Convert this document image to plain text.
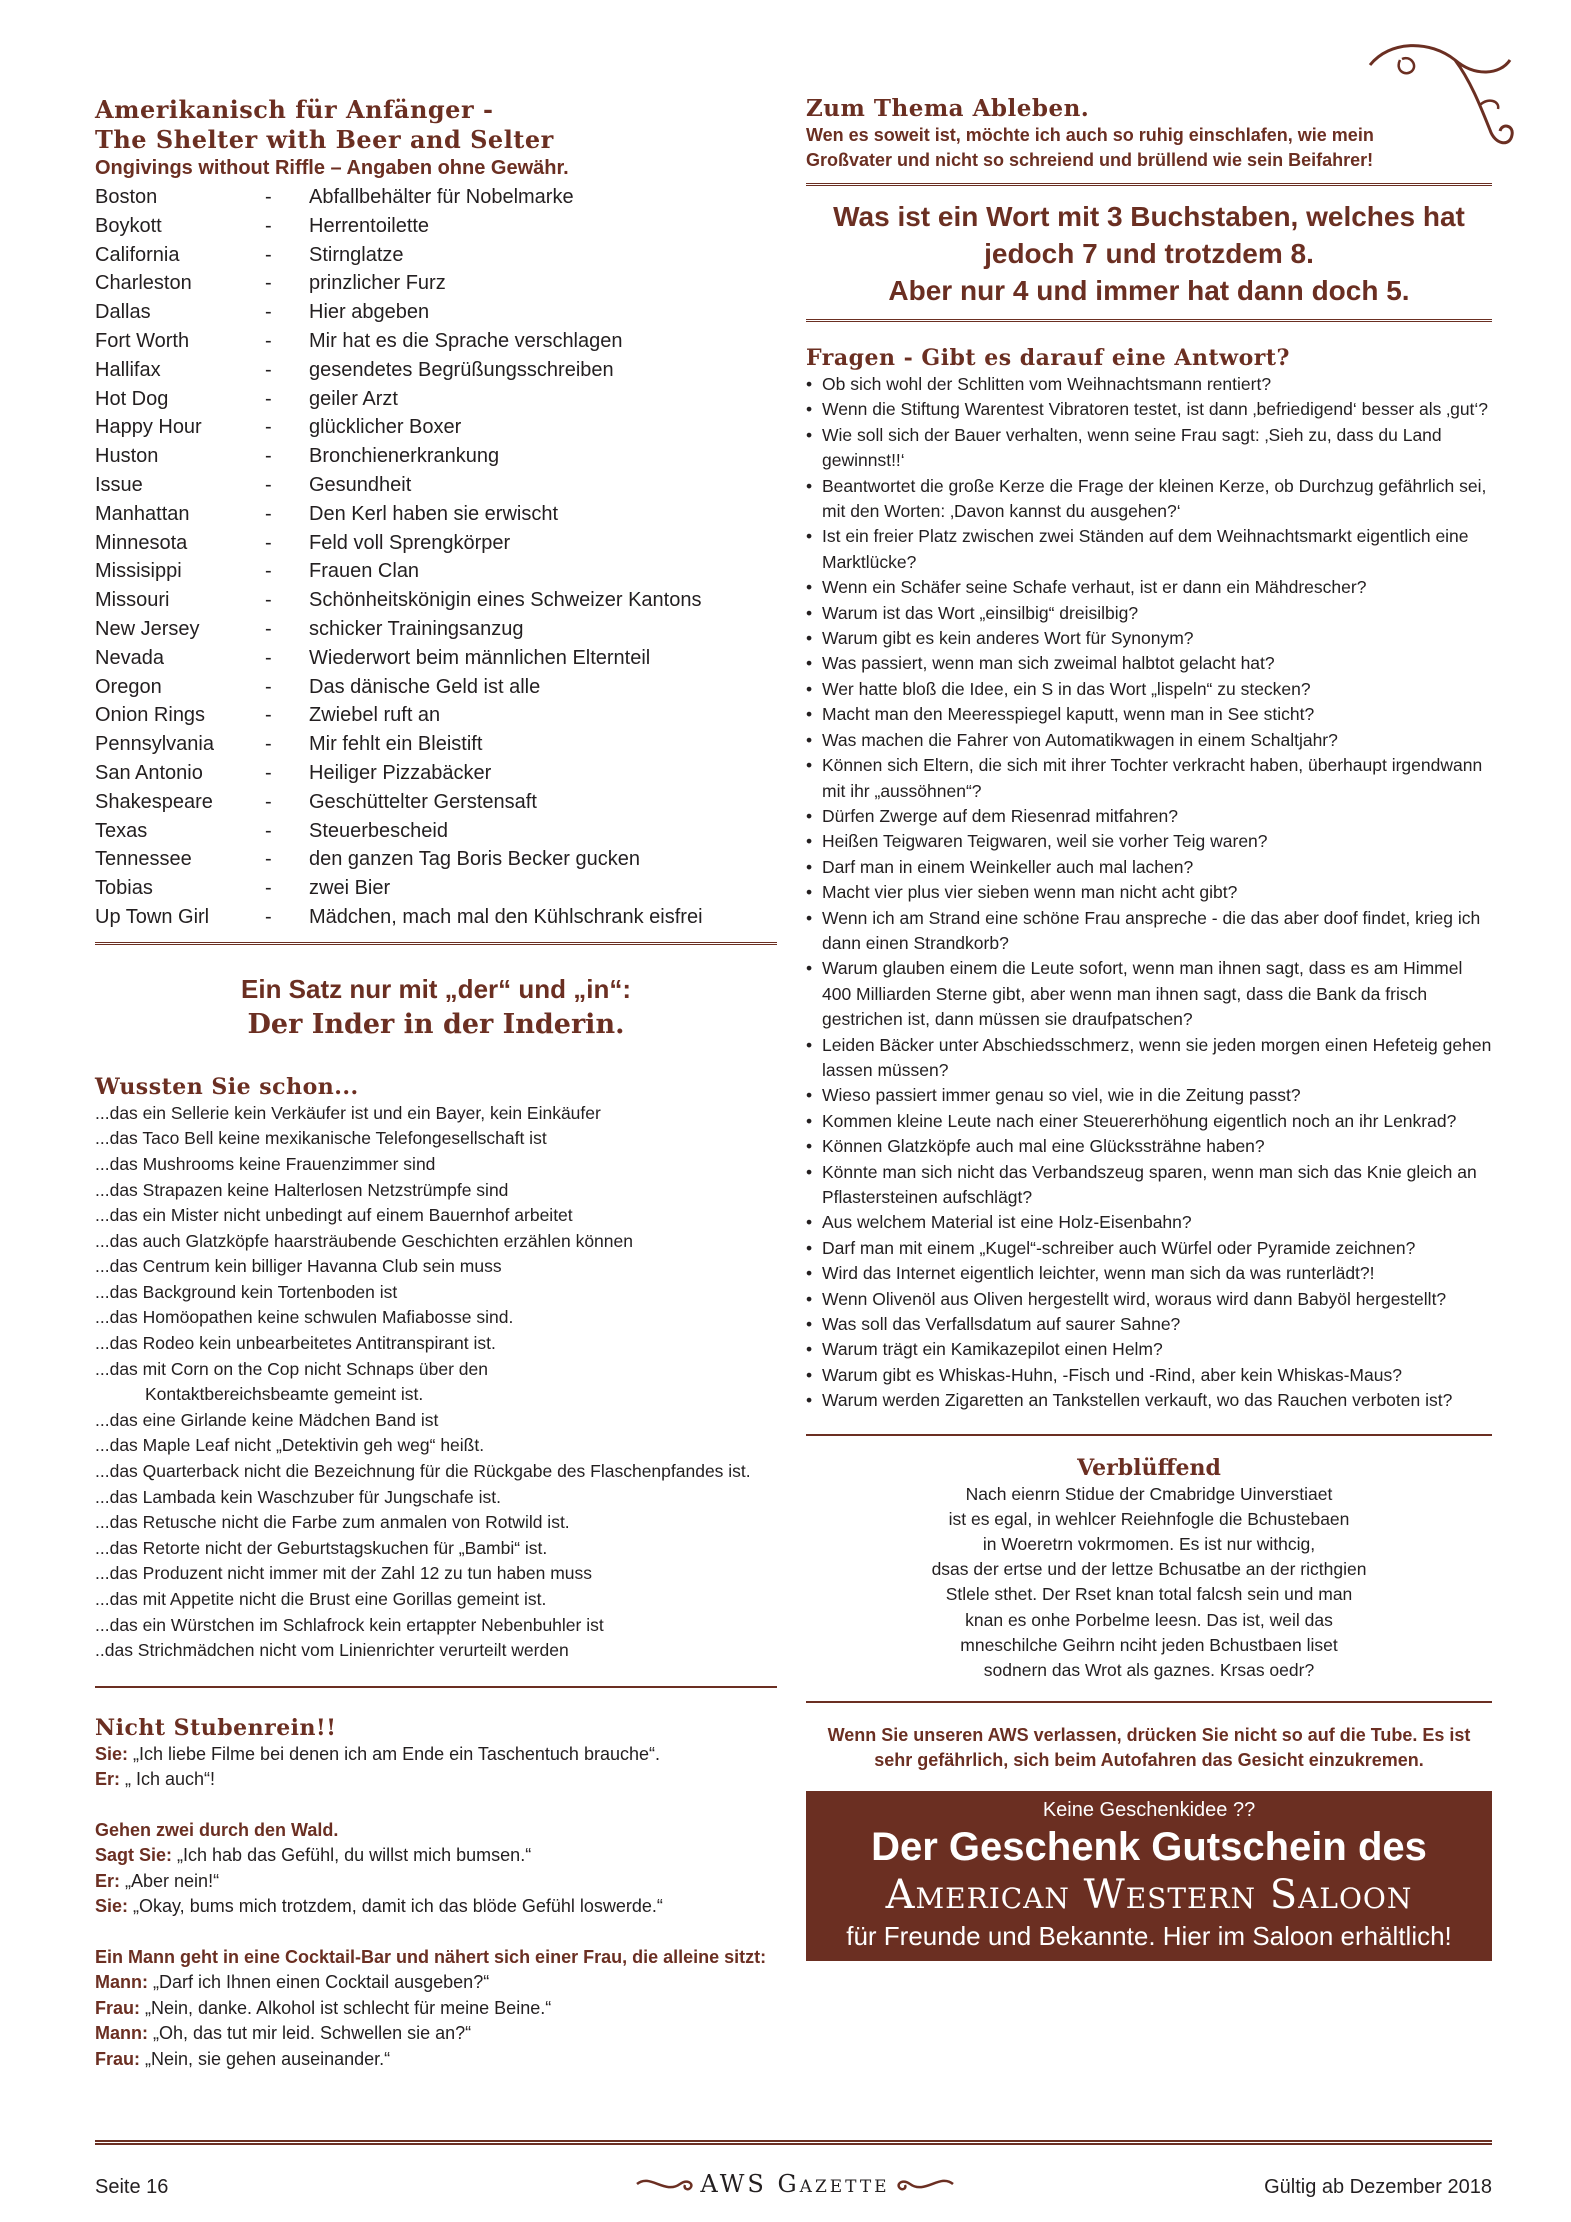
Amerikanisch für Anfänger -
The Shelter with Beer and Selter
Ongivings without Riffle – Angaben ohne Gewähr.
Boston	-	Abfallbehälter für Nobelmarke
Boykott	-	Herrentoilette
California	-	Stirnglatze
Charleston	-	prinzlicher Furz
Dallas	-	Hier abgeben
Fort Worth	-	Mir hat es die Sprache verschlagen
Hallifax	-	gesendetes Begrüßungsschreiben
Hot Dog	-	geiler Arzt
Happy Hour	-	glücklicher Boxer
Huston	-	Bronchienerkrankung
Issue	-	Gesundheit
Manhattan	-	Den Kerl haben sie erwischt
Minnesota	-	Feld voll Sprengkörper
Missisippi	-	Frauen Clan
Missouri	-	Schönheitskönigin eines Schweizer Kantons
New Jersey	-	schicker Trainingsanzug
Nevada	-	Wiederwort beim männlichen Elternteil
Oregon	-	Das dänische Geld ist alle
Onion Rings	-	Zwiebel ruft an
Pennsylvania	-	Mir fehlt ein Bleistift
San Antonio	-	Heiliger Pizzabäcker
Shakespeare	-	Geschüttelter Gerstensaft
Texas	-	Steuerbescheid
Tennessee	-	den ganzen Tag Boris Becker gucken
Tobias	-	zwei Bier
Up Town Girl	-	Mädchen, mach mal den Kühlschrank eisfrei
Ein Satz nur mit „der“ und „in“:
Der Inder in der Inderin.
Wussten Sie schon...
...das ein Sellerie kein Verkäufer ist und ein Bayer, kein Einkäufer
...das Taco Bell keine mexikanische Telefongesellschaft ist
...das Mushrooms keine Frauenzimmer sind
...das Strapazen keine Halterlosen Netzstrümpfe sind
...das ein Mister nicht unbedingt auf einem Bauernhof arbeitet
...das auch Glatzköpfe haarsträubende Geschichten erzählen können
...das Centrum kein billiger Havanna Club sein muss
...das Background kein Tortenboden ist
...das Homöopathen keine schwulen Mafiabosse sind.
...das Rodeo kein unbearbeitetes Antitranspirant ist.
...das mit Corn on the Cop nicht Schnaps über den
Kontaktbereichsbeamte gemeint ist.
...das eine Girlande keine Mädchen Band ist
...das Maple Leaf nicht „Detektivin geh weg“ heißt.
...das Quarterback nicht die Bezeichnung für die Rückgabe des Flaschenpfandes ist.
...das Lambada kein Waschzuber für Jungschafe ist.
...das Retusche nicht die Farbe zum anmalen von Rotwild ist.
...das Retorte nicht der Geburtstagskuchen für „Bambi“ ist.
...das Produzent nicht immer mit der Zahl 12 zu tun haben muss
...das mit Appetite nicht die Brust eine Gorillas gemeint ist.
...das ein Würstchen im Schlafrock kein ertappter Nebenbuhler ist
..das Strichmädchen nicht vom Linienrichter verurteilt werden
Nicht Stubenrein!!

Sie: „Ich liebe Filme bei denen ich am Ende ein Taschentuch brauche“.

Er: „ Ich auch“!

Gehen zwei durch den Wald.

Sagt Sie: „Ich hab das Gefühl, du willst mich bumsen.“

Er: „Aber nein!“

Sie: „Okay, bums mich trotzdem, damit ich das blöde Gefühl loswerde.“

Ein Mann geht in eine Cocktail-Bar und nähert sich einer Frau, die alleine sitzt:

Mann: „Darf ich Ihnen einen Cocktail ausgeben?“

Frau: „Nein, danke. Alkohol ist schlecht für meine Beine.“

Mann: „Oh, das tut mir leid. Schwellen sie an?“

Frau: „Nein, sie gehen auseinander.“

Zum Thema Ableben.
Wen es soweit ist, möchte ich auch so ruhig einschlafen, wie mein Großvater und nicht so schreiend und brüllend wie sein Beifahrer!
Was ist ein Wort mit 3 Buchstaben, welches hat
jedoch 7 und trotzdem 8.
Aber nur 4 und immer hat dann doch 5.
Fragen - Gibt es darauf eine Antwort?
• Ob sich wohl der Schlitten vom Weihnachtsmann rentiert?
• Wenn die Stiftung Warentest Vibratoren testet, ist dann ‚befriedigend‘ besser als ‚gut‘?
• Wie soll sich der Bauer verhalten, wenn seine Frau sagt: ‚Sieh zu, dass du Land gewinnst!!‘
• Beantwortet die große Kerze die Frage der kleinen Kerze, ob Durchzug gefährlich sei, mit den Worten: ‚Davon kannst du ausgehen?‘
• Ist ein freier Platz zwischen zwei Ständen auf dem Weihnachtsmarkt eigentlich eine Marktlücke?
• Wenn ein Schäfer seine Schafe verhaut, ist er dann ein Mähdrescher?
• Warum ist das Wort „einsilbig“ dreisilbig?
• Warum gibt es kein anderes Wort für Synonym?
• Was passiert, wenn man sich zweimal halbtot gelacht hat?
• Wer hatte bloß die Idee, ein S in das Wort „lispeln“ zu stecken?
• Macht man den Meeresspiegel kaputt, wenn man in See sticht?
• Was machen die Fahrer von Automatikwagen in einem Schaltjahr?
• Können sich Eltern, die sich mit ihrer Tochter verkracht haben, überhaupt irgendwann mit ihr „aussöhnen“?
• Dürfen Zwerge auf dem Riesenrad mitfahren?
• Heißen Teigwaren Teigwaren, weil sie vorher Teig waren?
• Darf man in einem Weinkeller auch mal lachen?
• Macht vier plus vier sieben wenn man nicht acht gibt?
• Wenn ich am Strand eine schöne Frau anspreche - die das aber doof findet, krieg ich dann einen Strandkorb?
• Warum glauben einem die Leute sofort, wenn man ihnen sagt, dass es am Himmel 400 Milliarden Sterne gibt, aber wenn man ihnen sagt, dass die Bank da frisch gestrichen ist, dann müssen sie draufpatschen?
• Leiden Bäcker unter Abschiedsschmerz, wenn sie jeden morgen einen Hefeteig gehen lassen müssen?
• Wieso passiert immer genau so viel, wie in die Zeitung passt?
• Kommen kleine Leute nach einer Steuererhöhung eigentlich noch an ihr Lenkrad?
• Können Glatzköpfe auch mal eine Glückssträhne haben?
• Könnte man sich nicht das Verbandszeug sparen, wenn man sich das Knie gleich an Pflastersteinen aufschlägt?
• Aus welchem Material ist eine Holz-Eisenbahn?
• Darf man mit einem „Kugel“-schreiber auch Würfel oder Pyramide zeichnen?
• Wird das Internet eigentlich leichter, wenn man sich da was runterlädt?!
• Wenn Olivenöl aus Oliven hergestellt wird, woraus wird dann Babyöl hergestellt?
• Was soll das Verfallsdatum auf saurer Sahne?
• Warum trägt ein Kamikazepilot einen Helm?
• Warum gibt es Whiskas-Huhn, -Fisch und -Rind, aber kein Whiskas-Maus?
• Warum werden Zigaretten an Tankstellen verkauft, wo das Rauchen verboten ist?
Verblüffend
Nach eienrn Stidue der Cmabridge Uinverstiaet
ist es egal, in wehlcer Reiehnfogle die Bchustebaen
in Woeretrn vokrmomen. Es ist nur withcig,
dsas der ertse und der lettze Bchusatbe an der ricthgien
Stlele sthet. Der Rset knan total falcsh sein und man
knan es onhe Porbelme leesn. Das ist, weil das
mneschilche Geihrn nciht jeden Bchustbaen liset
sodnern das Wrot als gaznes. Krsas oedr?
Wenn Sie unseren AWS verlassen, drücken Sie nicht so auf die Tube. Es ist sehr gefährlich, sich beim Autofahren das Gesicht einzukremen.
Keine Geschenkidee ??
Der Geschenk Gutschein des
American Western Saloon
für Freunde und Bekannte. Hier im Saloon erhältlich!
Seite 16	AWS Gazette	Gültig ab Dezember 2018
